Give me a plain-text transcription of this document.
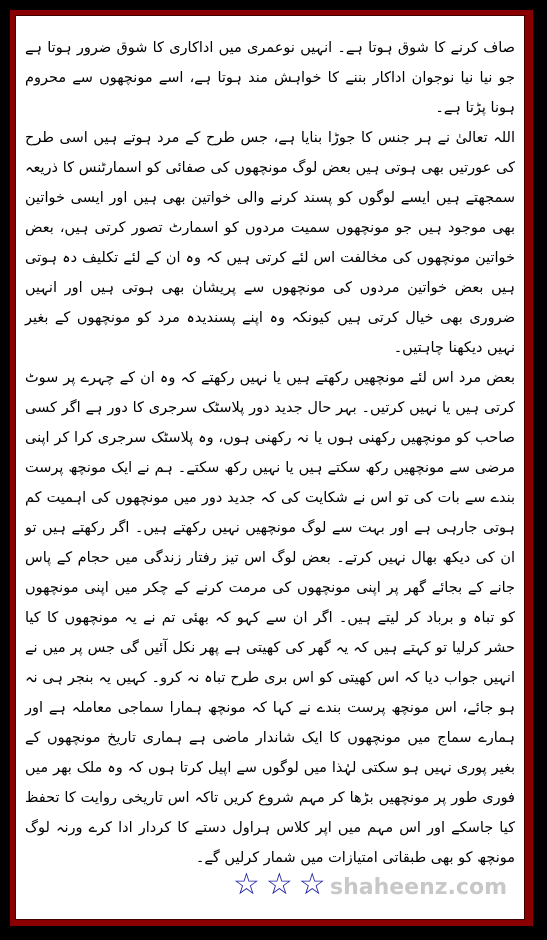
صاف کرنے کا شوق ہوتا ہے۔ انہیں نوعمری میں اداکاری کا شوق ضرور ہوتا ہے جو نیا نیا نوجوان اداکار بننے کا خواہش مند ہوتا ہے، اسے مونچھوں سے محروم ہونا پڑتا ہے۔

اللہ تعالیٰ نے ہر جنس کا جوڑا بنایا ہے، جس طرح کے مرد ہوتے ہیں اسی طرح کی عورتیں بھی ہوتی ہیں بعض لوگ مونچھوں کی صفائی کو اسمارٹنس کا ذریعہ سمجھتے ہیں ایسے لوگوں کو پسند کرنے والی خواتین بھی ہیں اور ایسی خواتین بھی موجود ہیں جو مونچھوں سمیت مردوں کو اسمارٹ تصور کرتی ہیں، بعض خواتین مونچھوں کی مخالفت اس لئے کرتی ہیں کہ وہ ان کے لئے تکلیف دہ ہوتی ہیں بعض خواتین مردوں کی مونچھوں سے پریشان بھی ہوتی ہیں اور انہیں ضروری بھی خیال کرتی ہیں کیونکہ وہ اپنے پسندیدہ مرد کو مونچھوں کے بغیر نہیں دیکھنا چاہتیں۔

بعض مرد اس لئے مونچھیں رکھتے ہیں یا نہیں رکھتے کہ وہ ان کے چہرے پر سوٹ کرتی ہیں یا نہیں کرتیں۔ بہر حال جدید دور پلاسٹک سرجری کا دور ہے اگر کسی صاحب کو مونچھیں رکھنی ہوں یا نہ رکھنی ہوں، وہ پلاسٹک سرجری کرا کر اپنی مرضی سے مونچھیں رکھ سکتے ہیں یا نہیں رکھ سکتے۔ ہم نے ایک مونچھ پرست بندے سے بات کی تو اس نے شکایت کی کہ جدید دور میں مونچھوں کی اہمیت کم ہوتی جارہی ہے اور بہت سے لوگ مونچھیں نہیں رکھتے ہیں۔ اگر رکھتے ہیں تو ان کی دیکھ بھال نہیں کرتے۔ بعض لوگ اس تیز رفتار زندگی میں حجام کے پاس جانے کے بجائے گھر پر اپنی مونچھوں کی مرمت کرنے کے چکر میں اپنی مونچھوں کو تباہ و برباد کر لیتے ہیں۔ اگر ان سے کہو کہ بھئی تم نے یہ مونچھوں کا کیا حشر کرلیا تو کہتے ہیں کہ یہ گھر کی کھیتی ہے پھر نکل آئیں گی جس پر میں نے انہیں جواب دیا کہ اس کھیتی کو اس بری طرح تباہ نہ کرو۔ کہیں یہ بنجر ہی نہ ہو جائے، اس مونچھ پرست بندے نے کہا کہ مونچھ ہمارا سماجی معاملہ ہے اور ہمارے سماج میں مونچھوں کا ایک شاندار ماضی ہے ہماری تاریخ مونچھوں کے بغیر پوری نہیں ہو سکتی لہٰذا میں لوگوں سے اپیل کرتا ہوں کہ وہ ملک بھر میں فوری طور پر مونچھیں بڑھا کر مہم شروع کریں تاکہ اس تاریخی روایت کا تحفظ کیا جاسکے اور اس مہم میں اپر کلاس ہراول دستے کا کردار ادا کرے ورنہ لوگ مونچھ کو بھی طبقاتی امتیازات میں شمار کرلیں گے۔

☆☆☆
shaheenz.com
